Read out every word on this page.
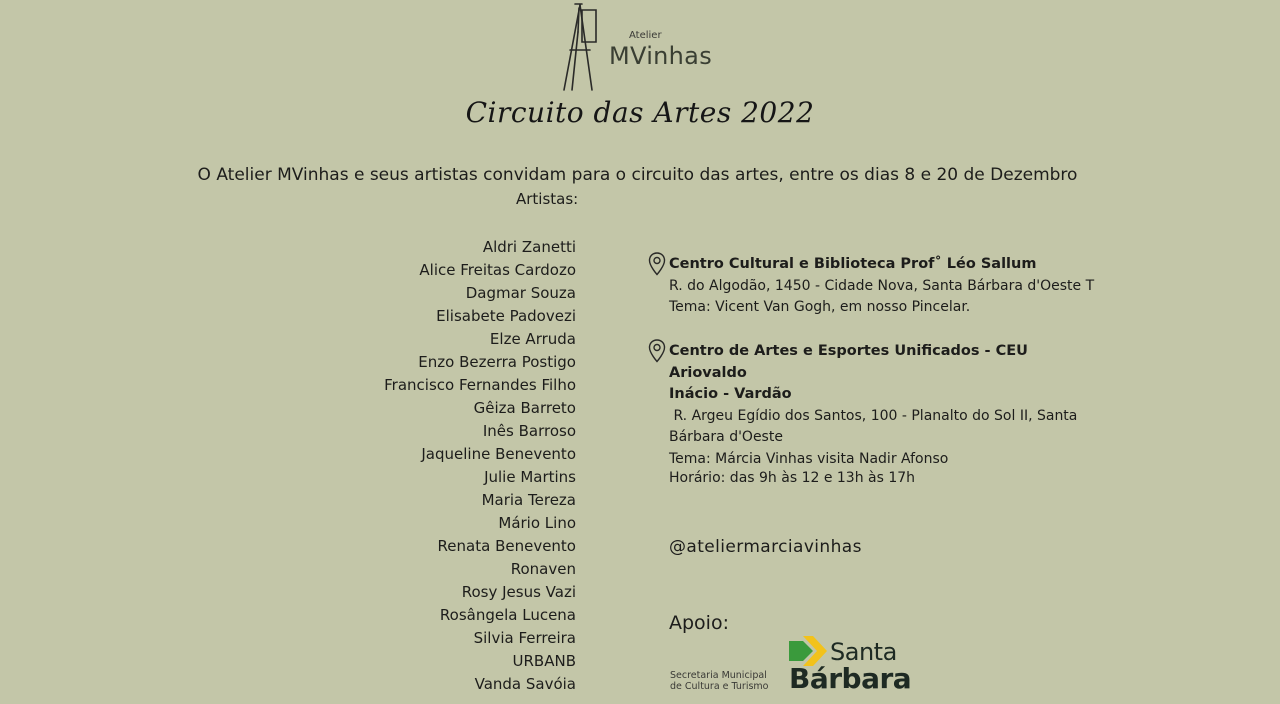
Atelier
MVinhas
Circuito das Artes 2022
O Atelier MVinhas e seus artistas convidam para o circuito das artes, entre os dias 8 e 20 de Dezembro
Artistas:
Aldri Zanetti
Alice Freitas Cardozo
Dagmar Souza
Elisabete Padovezi
Elze Arruda
Enzo Bezerra Postigo
Francisco Fernandes Filho
Gêiza Barreto
Inês Barroso
Jaqueline Benevento
Julie Martins
Maria Tereza
Mário Lino
Renata Benevento
Ronaven
Rosy Jesus Vazi
Rosângela Lucena
Silvia Ferreira
URBANB
Vanda Savóia
Centro Cultural e Biblioteca Prof˚ Léo Sallum
R. do Algodão, 1450 - Cidade Nova, Santa Bárbara d'Oeste T
Tema: Vicent Van Gogh, em nosso Pincelar.
Centro de Artes e Esportes Unificados - CEU Ariovaldo
Inácio - Vardão
R. Argeu Egídio dos Santos, 100 - Planalto do Sol II, Santa
Bárbara d'Oeste
Tema: Márcia Vinhas visita Nadir Afonso
Horário: das 9h às 12 e 13h às 17h
@ateliermarciavinhas
Apoio:
Secretaria Municipal
de Cultura e Turismo
Santa
Bárbara
